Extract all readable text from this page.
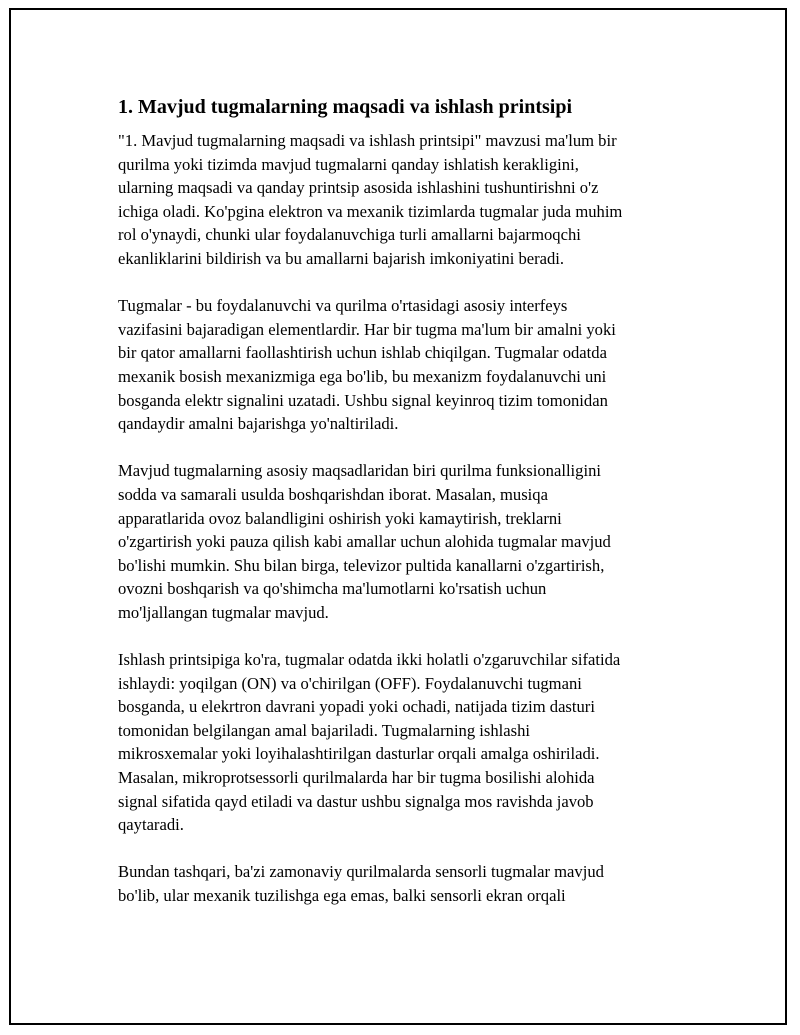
1. Mavjud tugmalarning maqsadi va ishlash printsipi

"1. Mavjud tugmalarning maqsadi va ishlash printsipi" mavzusi ma'lum bir
qurilma yoki tizimda mavjud tugmalarni qanday ishlatish kerakligini,
ularning maqsadi va qanday printsip asosida ishlashini tushuntirishni o'z
ichiga oladi. Ko'pgina elektron va mexanik tizimlarda tugmalar juda muhim
rol o'ynaydi, chunki ular foydalanuvchiga turli amallarni bajarmoqchi
ekanliklarini bildirish va bu amallarni bajarish imkoniyatini beradi.

Tugmalar - bu foydalanuvchi va qurilma o'rtasidagi asosiy interfeys
vazifasini bajaradigan elementlardir. Har bir tugma ma'lum bir amalni yoki
bir qator amallarni faollashtirish uchun ishlab chiqilgan. Tugmalar odatda
mexanik bosish mexanizmiga ega bo'lib, bu mexanizm foydalanuvchi uni
bosganda elektr signalini uzatadi. Ushbu signal keyinroq tizim tomonidan
qandaydir amalni bajarishga yo'naltiriladi.

Mavjud tugmalarning asosiy maqsadlaridan biri qurilma funksionalligini
sodda va samarali usulda boshqarishdan iborat. Masalan, musiqa
apparatlarida ovoz balandligini oshirish yoki kamaytirish, treklarni
o'zgartirish yoki pauza qilish kabi amallar uchun alohida tugmalar mavjud
bo'lishi mumkin. Shu bilan birga, televizor pultida kanallarni o'zgartirish,
ovozni boshqarish va qo'shimcha ma'lumotlarni ko'rsatish uchun
mo'ljallangan tugmalar mavjud.

Ishlash printsipiga ko'ra, tugmalar odatda ikki holatli o'zgaruvchilar sifatida
ishlaydi: yoqilgan (ON) va o'chirilgan (OFF). Foydalanuvchi tugmani
bosganda, u elekrtron davrani yopadi yoki ochadi, natijada tizim dasturi
tomonidan belgilangan amal bajariladi. Tugmalarning ishlashi
mikrosxemalar yoki loyihalashtirilgan dasturlar orqali amalga oshiriladi.
Masalan, mikroprotsessorli qurilmalarda har bir tugma bosilishi alohida
signal sifatida qayd etiladi va dastur ushbu signalga mos ravishda javob
qaytaradi.

Bundan tashqari, ba'zi zamonaviy qurilmalarda sensorli tugmalar mavjud
bo'lib, ular mexanik tuzilishga ega emas, balki sensorli ekran orqali
